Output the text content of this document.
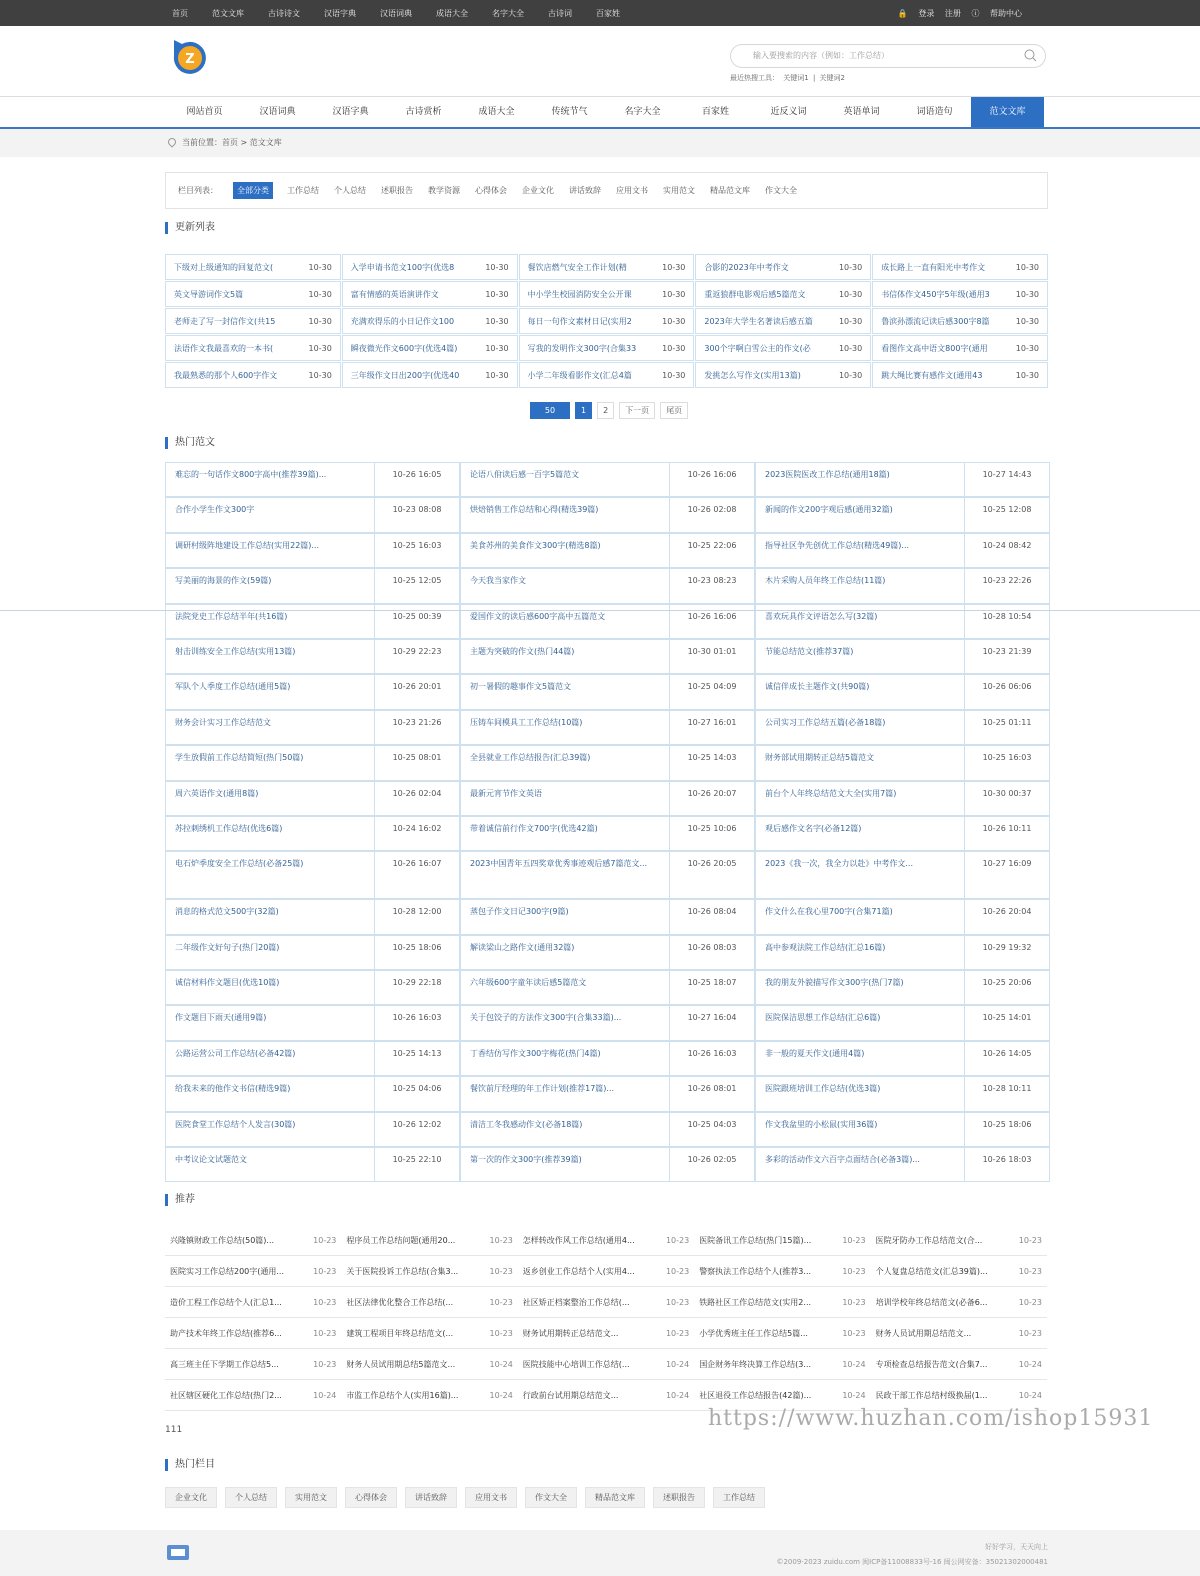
首页	范文文库	古诗诗文	汉语字典	汉语词典	成语大全	名字大全	古诗词	百家姓	🔒 登录 注册 ⓘ 帮助中心
Z	输入要搜索的内容（例如：工作总结）
最近热搜工具： 关键词1 | 关键词2
网站首页	汉语词典	汉语字典	古诗赏析	成语大全	传统节气	名字大全	百家姓	近反义词	英语单词	词语造句	范文文库
当前位置：首页 > 范文文库
栏目列表：	全部分类	工作总结 个人总结 述职报告 教学资源 心得体会 企业文化 讲话致辞 应用文书 实用范文 精品范文库 作文大全
更新列表
下级对上级通知的回复范文(	10-30 入学申请书范文100字(优选8	10-30 餐饮店燃气安全工作计划(精	10-30 合影的2023年中考作文	10-30 成长路上一直有阳光中考作文	10-30
英文导游词作文5篇	10-30 富有情感的英语演讲作文	10-30 中小学生校园消防安全公开课	10-30 重返狼群电影观后感5篇范文	10-30 书信体作文450字5年级(通用3	10-30
老师走了写一封信作文(共15	10-30 充满欢得乐的小日记作文100	10-30 每日一句作文素材日记(实用2	10-30 2023年大学生名著读后感五篇	10-30 鲁滨孙漂流记读后感300字8篇	10-30
法语作文我最喜欢的一本书(	10-30 瞬夜微光作文600字(优选4篇)	10-30 写我的发明作文300字(合集33	10-30 300个字啊白雪公主的作文(必	10-30 看图作文高中语文800字(通用	10-30
我最熟悉的那个人600字作文	10-30 三年级作文日出200字(优选40	10-30 小学二年级看影作文(汇总4篇	10-30 发挑怎么写作文(实用13篇)	10-30 跳大绳比赛有感作文(通用43	10-30
50	1	2	下一页	尾页
热门范文
难忘的一句话作文800字高中(推荐39篇)...	10-26 16:05	论语八佾读后感一百字5篇范文	10-26 16:06	2023医院医改工作总结(通用18篇)	10-27 14:43
合作小学生作文300字	10-23 08:08	烘焙销售工作总结和心得(精选39篇)	10-26 02:08	新闻的作文200字观后感(通用32篇)	10-25 12:08
调研村级阵地建设工作总结(实用22篇)...	10-25 16:03	美食苏州的美食作文300字(精选8篇)	10-25 22:06	指导社区争先创优工作总结(精选49篇)...	10-24 08:42
写美丽的海景的作文(59篇)	10-25 12:05	今天我当家作文	10-23 08:23	木片采购人员年终工作总结(11篇)	10-23 22:26
法院党史工作总结半年(共16篇)	10-25 00:39	爱国作文的读后感600字高中五篇范文	10-26 16:06	喜欢玩具作文评语怎么写(32篇)	10-28 10:54
射击训练安全工作总结(实用13篇)	10-29 22:23	主题为突破的作文(热门44篇)	10-30 01:01	节能总结范文(推荐37篇)	10-23 21:39
军队个人季度工作总结(通用5篇)	10-26 20:01	初一暑假的趣事作文5篇范文	10-25 04:09	诚信伴成长主题作文(共90篇)	10-26 06:06
财务会计实习工作总结范文	10-23 21:26	压铸车间模具工工作总结(10篇)	10-27 16:01	公司实习工作总结五篇(必备18篇)	10-25 01:11
学生放假前工作总结简短(热门50篇)	10-25 08:01	全县就业工作总结报告(汇总39篇)	10-25 14:03	财务部试用期转正总结5篇范文	10-25 16:03
周六英语作文(通用8篇)	10-26 02:04	最新元宵节作文英语	10-26 20:07	前台个人年终总结范文大全(实用7篇)	10-30 00:37
苏拉刺绣机工作总结(优选6篇)	10-24 16:02	带着诚信前行作文700字(优选42篇)	10-25 10:06	观后感作文名字(必备12篇)	10-26 10:11
电石炉季度安全工作总结(必备25篇)	10-26 16:07	2023中国青年五四奖章优秀事迹观后感7篇范文...	10-26 20:05	2023《我一次，我全力以赴》中考作文...	10-27 16:09
消息的格式范文500字(32篇)	10-28 12:00	蒸包子作文日记300字(9篇)	10-26 08:04	作文什么在我心里700字(合集71篇)	10-26 20:04
二年级作文好句子(热门20篇)	10-25 18:06	解读梁山之路作文(通用32篇)	10-26 08:03	高中参观法院工作总结(汇总16篇)	10-29 19:32
诚信材料作文题目(优选10篇)	10-29 22:18	六年级600字童年读后感5篇范文	10-25 18:07	我的朋友外貌描写作文300字(热门7篇)	10-25 20:06
作文题目下雨天(通用9篇)	10-26 16:03	关于包饺子的方法作文300字(合集33篇)...	10-27 16:04	医院保洁思想工作总结(汇总6篇)	10-25 14:01
公路运营公司工作总结(必备42篇)	10-25 14:13	丁香结仿写作文300字梅花(热门4篇)	10-26 16:03	非一般的夏天作文(通用4篇)	10-26 14:05
给我未来的他作文书信(精选9篇)	10-25 04:06	餐饮前厅经理的年工作计划(推荐17篇)...	10-26 08:01	医院跟班培训工作总结(优选3篇)	10-28 10:11
医院食堂工作总结个人发言(30篇)	10-26 12:02	清洁工冬我感动作文(必备18篇)	10-25 04:03	作文我盆里的小松鼠(实用36篇)	10-25 18:06
中考议论文试题范文	10-25 22:10	第一次的作文300字(推荐39篇)	10-26 02:05	多彩的活动作文六百字点面结合(必备3篇)...	10-26 18:03
推荐
兴隆镇财政工作总结(50篇)...	10-23 程序员工作总结问题(通用20...	10-23 怎样转改作风工作总结(通用4...	10-23 医院备讯工作总结(热门15篇)...	10-23 医院牙防办工作总结范文(合...	10-23
医院实习工作总结200字(通用...	10-23 关于医院投诉工作总结(合集3...	10-23 返乡创业工作总结个人(实用4...	10-23 警察执法工作总结个人(推荐3...	10-23 个人复盘总结范文(汇总39篇)...	10-23
造价工程工作总结个人(汇总1...	10-23 社区法律优化整合工作总结(...	10-23 社区矫正档案整治工作总结(...	10-23 铁路社区工作总结范文(实用2...	10-23 培训学校年终总结范文(必备6...	10-23
助产技术年终工作总结(推荐6...	10-23 建筑工程项目年终总结范文(...	10-23 财务试用期转正总结范文...	10-23 小学优秀班主任工作总结5篇...	10-23 财务人员试用期总结范文...	10-23
高三班主任下学期工作总结5...	10-23 财务人员试用期总结5篇范文...	10-24 医院技能中心培训工作总结(...	10-24 国企财务年终决算工作总结(3...	10-24 专项检查总结报告范文(合集7...	10-24
社区辖区硬化工作总结(热门2...	10-24 市监工作总结个人(实用16篇)...	10-24 行政前台试用期总结范文...	10-24 社区退役工作总结报告(42篇)...	10-24 民政干部工作总结村级换届(1...	10-24
111	https://www.huzhan.com/ishop15931
热门栏目
企业文化	个人总结	实用范文	心得体会	讲话致辞	应用文书	作文大全	精品范文库	述职报告	工作总结
好好学习，天天向上
©2009-2023 zuidu.com 闽ICP备11008833号-16 闽公网安备：35021302000481
